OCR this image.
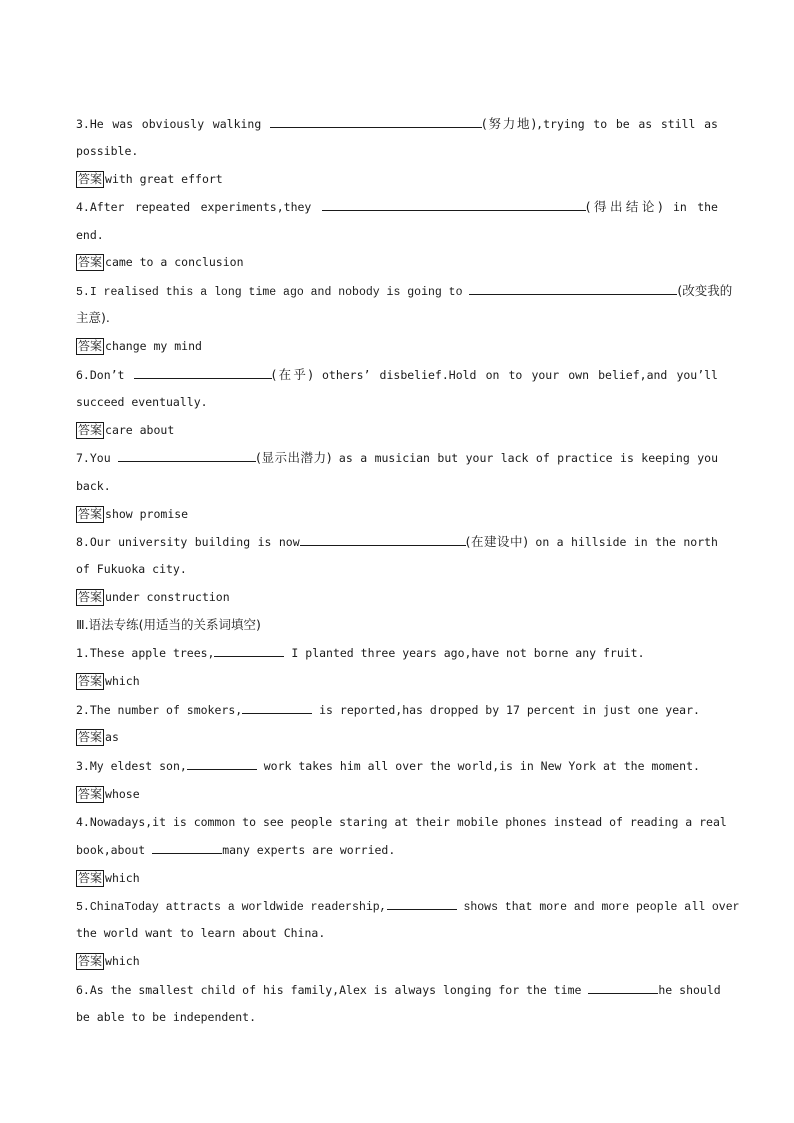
3.He was obviously walking	(努力地),trying to be as still as
possible.
答案 with great effort
4.After repeated experiments,they	(得出结论) in the
end.
答案 came to a conclusion
5.I realised this a long time ago and nobody is going to	(改变我的
主意).
答案 change my mind
6.Don’t	(在乎) others’ disbelief.Hold on to your own belief,and you’ll
succeed eventually.
答案 care about
7.You	(显示出潜力) as a musician but your lack of practice is keeping you
back.
答案 show promise
8.Our university building is now	(在建设中) on a hillside in the north
of Fukuoka city.
答案 under construction
Ⅲ.语法专练(用适当的关系词填空)
1.These apple trees,	I planted three years ago,have not borne any fruit.
答案 which
2.The number of smokers,	is reported,has dropped by 17 percent in just one year.
答案 as
3.My eldest son,	work takes him all over the world,is in New York at the moment.
答案 whose
4.Nowadays,it is common to see people staring at their mobile phones instead of reading a real
book,about	many experts are worried.
答案 which
5.ChinaToday attracts a worldwide readership,	shows that more and more people all over
the world want to learn about China.
答案 which
6.As the smallest child of his family,Alex is always longing for the time	he should
be able to be independent.
